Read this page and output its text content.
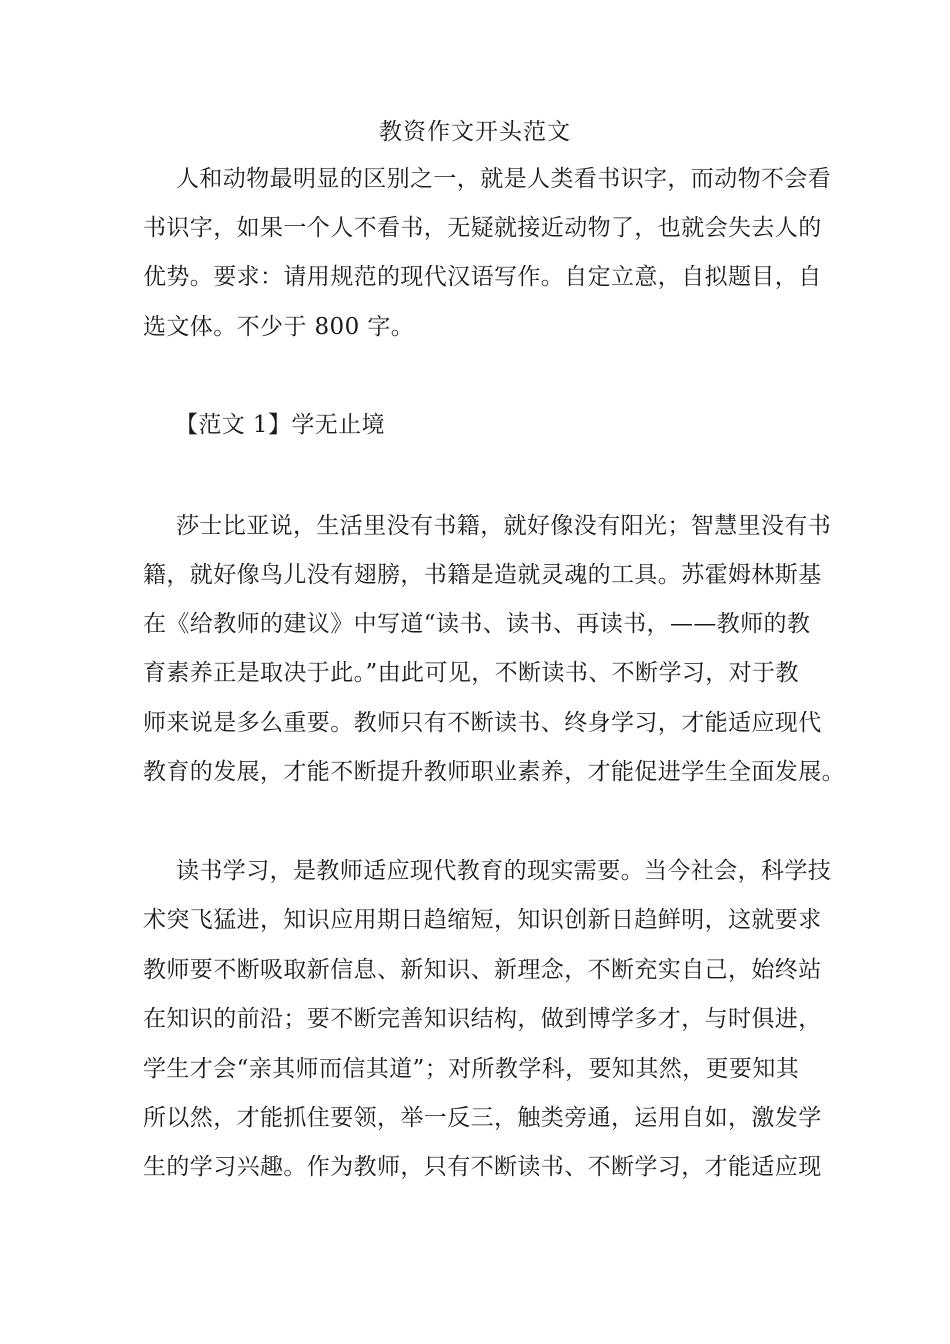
教资作文开头范文

人和动物最明显的区别之一，就是人类看书识字，而动物不会看

书识字，如果一个人不看书，无疑就接近动物了，也就会失去人的

优势。要求：请用规范的现代汉语写作。自定立意，自拟题目，自

选文体。不少于 800 字。

【范文 1】学无止境

莎士比亚说，生活里没有书籍，就好像没有阳光；智慧里没有书

籍，就好像鸟儿没有翅膀，书籍是造就灵魂的工具。苏霍姆林斯基

在《给教师的建议》中写道“读书、读书、再读书，——教师的教

育素养正是取决于此。”由此可见，不断读书、不断学习，对于教

师来说是多么重要。教师只有不断读书、终身学习，才能适应现代

教育的发展，才能不断提升教师职业素养，才能促进学生全面发展。

读书学习，是教师适应现代教育的现实需要。当今社会，科学技

术突飞猛进，知识应用期日趋缩短，知识创新日趋鲜明，这就要求

教师要不断吸取新信息、新知识、新理念，不断充实自己，始终站

在知识的前沿；要不断完善知识结构，做到博学多才，与时俱进，

学生才会“亲其师而信其道”；对所教学科，要知其然，更要知其

所以然，才能抓住要领，举一反三，触类旁通，运用自如，激发学

生的学习兴趣。作为教师，只有不断读书、不断学习，才能适应现
